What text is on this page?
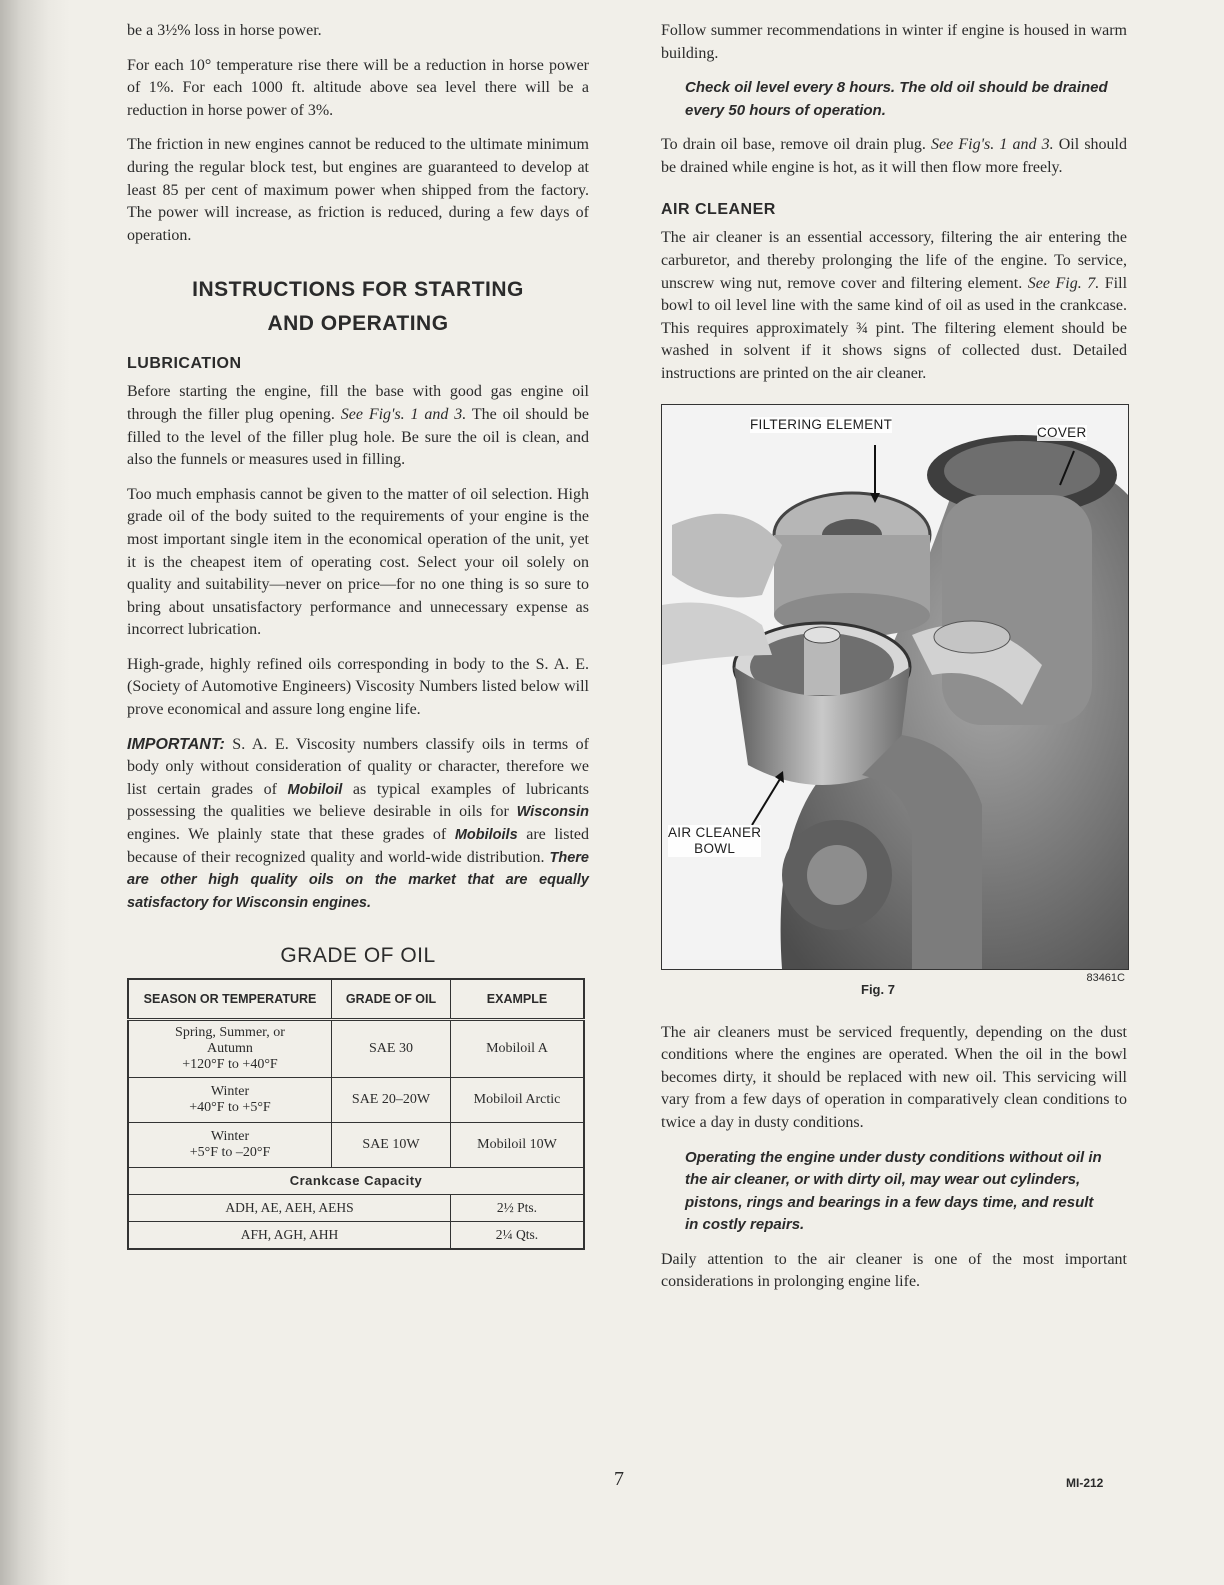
be a 3½% loss in horse power.

For each 10° temperature rise there will be a reduction in horse power of 1%. For each 1000 ft. altitude above sea level there will be a reduction in horse power of 3%.

The friction in new engines cannot be reduced to the ultimate minimum during the regular block test, but engines are guaranteed to develop at least 85 per cent of maximum power when shipped from the factory. The power will increase, as friction is reduced, during a few days of operation.

INSTRUCTIONS FOR STARTING
AND OPERATING
LUBRICATION

Before starting the engine, fill the base with good gas engine oil through the filler plug opening. See Fig's. 1 and 3. The oil should be filled to the level of the filler plug hole. Be sure the oil is clean, and also the funnels or measures used in filling.

Too much emphasis cannot be given to the matter of oil selection. High grade oil of the body suited to the requirements of your engine is the most important single item in the economical operation of the unit, yet it is the cheapest item of operating cost. Select your oil solely on quality and suitability—never on price—for no one thing is so sure to bring about unsatisfactory performance and unnecessary expense as incorrect lubrication.

High-grade, highly refined oils corresponding in body to the S. A. E. (Society of Automotive Engineers) Viscosity Numbers listed below will prove economical and assure long engine life.

IMPORTANT: S. A. E. Viscosity numbers classify oils in terms of body only without consideration of quality or character, therefore we list certain grades of Mobiloil as typical examples of lubricants possessing the qualities we believe desirable in oils for Wisconsin engines. We plainly state that these grades of Mobiloils are listed because of their recognized quality and world-wide distribution. There are other high quality oils on the market that are equally satisfactory for Wisconsin engines.

GRADE OF OIL
SEASON OR TEMPERATURE	GRADE OF OIL	EXAMPLE

Spring, Summer, or Autumn
+120°F to +40°F	SAE 30	Mobiloil A

Winter
+40°F to +5°F	SAE 20–20W	Mobiloil Arctic

Winter
+5°F to –20°F	SAE 10W	Mobiloil 10W
Crankcase Capacity		
ADH, AE, AEH, AEHS		2½ Pts.
AFH, AGH, AHH		2¼ Qts.

Follow summer recommendations in winter if engine is housed in warm building.

Check oil level every 8 hours. The old oil should be drained every 50 hours of operation.

To drain oil base, remove oil drain plug. See Fig's. 1 and 3. Oil should be drained while engine is hot, as it will then flow more freely.

AIR CLEANER

The air cleaner is an essential accessory, filtering the air entering the carburetor, and thereby prolonging the life of the engine. To service, unscrew wing nut, remove cover and filtering element. See Fig. 7. Fill bowl to oil level line with the same kind of oil as used in the crankcase. This requires approximately ¾ pint. The filtering element should be washed in solvent if it shows signs of collected dust. Detailed instructions are printed on the air cleaner.

FILTERING ELEMENT
COVER
AIR CLEANER
BOWL
Fig. 7
83461C

The air cleaners must be serviced frequently, depending on the dust conditions where the engines are operated. When the oil in the bowl becomes dirty, it should be replaced with new oil. This servicing will vary from a few days of operation in comparatively clean conditions to twice a day in dusty conditions.

Operating the engine under dusty conditions without oil in the air cleaner, or with dirty oil, may wear out cylinders, pistons, rings and bearings in a few days time, and result in costly repairs.

Daily attention to the air cleaner is one of the most important considerations in prolonging engine life.

7	MI-212
